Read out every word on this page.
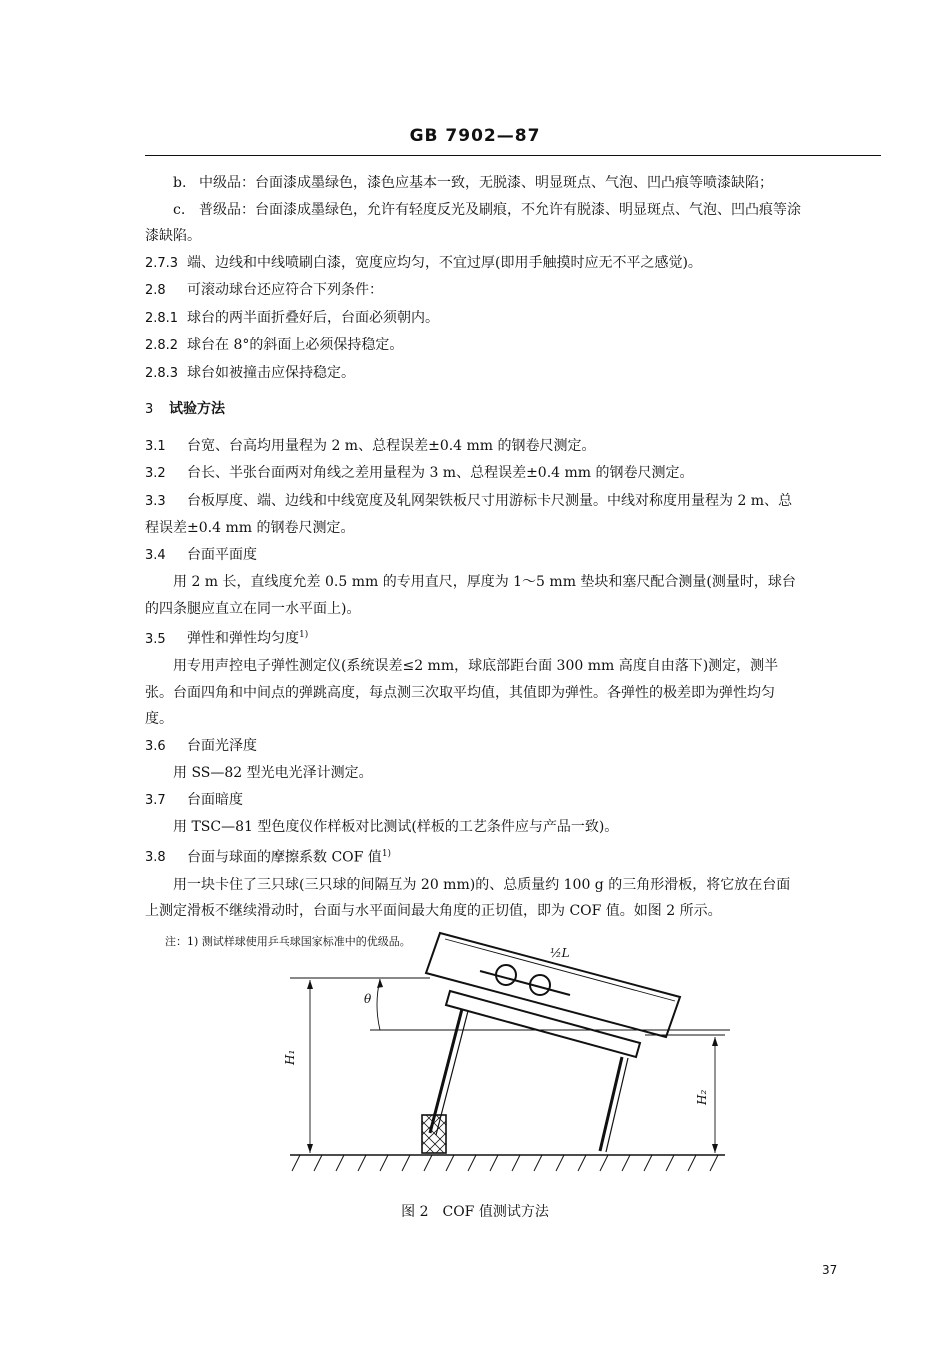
GB 7902—87

b. 中级品：台面漆成墨绿色，漆色应基本一致，无脱漆、明显斑点、气泡、凹凸痕等喷漆缺陷；

c. 普级品：台面漆成墨绿色，允许有轻度反光及刷痕，不允许有脱漆、明显斑点、气泡、凹凸痕等涂

漆缺陷。

2.7.3 端、边线和中线喷刷白漆，宽度应均匀，不宜过厚(即用手触摸时应无不平之感觉)。

2.8 可滚动球台还应符合下列条件：

2.8.1 球台的两半面折叠好后，台面必须朝内。

2.8.2 球台在 8°的斜面上必须保持稳定。

2.8.3 球台如被撞击应保持稳定。

3 试验方法

3.1 台宽、台高均用量程为 2 m、总程误差±0.4 mm 的钢卷尺测定。

3.2 台长、半张台面两对角线之差用量程为 3 m、总程误差±0.4 mm 的钢卷尺测定。

3.3 台板厚度、端、边线和中线宽度及轧网架铁板尺寸用游标卡尺测量。中线对称度用量程为 2 m、总

程误差±0.4 mm 的钢卷尺测定。

3.4 台面平面度

用 2 m 长，直线度允差 0.5 mm 的专用直尺，厚度为 1～5 mm 垫块和塞尺配合测量(测量时，球台

的四条腿应直立在同一水平面上)。

3.5 弹性和弹性均匀度$^{1)}$

用专用声控电子弹性测定仪(系统误差≤2 mm，球底部距台面 300 mm 高度自由落下)测定，测半

张。台面四角和中间点的弹跳高度，每点测三次取平均值，其值即为弹性。各弹性的极差即为弹性均匀

度。

3.6 台面光泽度

用 SS—82 型光电光泽计测定。

3.7 台面暗度

用 TSC—81 型色度仪作样板对比测试(样板的工艺条件应与产品一致)。

3.8 台面与球面的摩擦系数 COF 值$^{1)}$

用一块卡住了三只球(三只球的间隔互为 20 mm)的、总质量约 100 g 的三角形滑板，将它放在台面

上测定滑板不继续滑动时，台面与水平面间最大角度的正切值，即为 COF 值。如图 2 所示。

注：1) 测试样球使用乒乓球国家标准中的优级品。

½L
θ
H₁
H₂
图 2　COF 值测试方法
37
